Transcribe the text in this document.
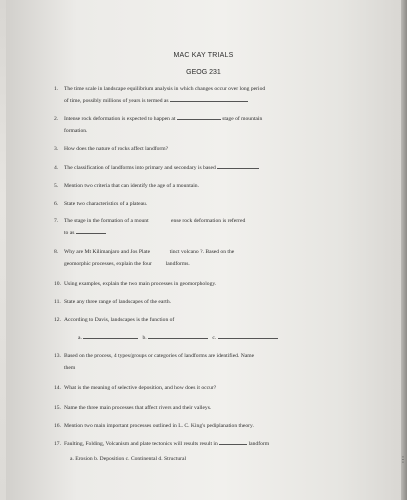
MAC KAY TRIALS
GEOG 231
1. The time scale in landscape equilibrium analysis in which changes occur over long period
of time, possibly millions of years is termed as
2. Intense rock deformation is expected to happen at	stage of mountain
formation.
3. How does the nature of rocks affect landform?
4. The classification of landforms into primary and secondary is based
5. Mention two criteria that can identify the age of a mountain.
6. State two characteristics of a plateau.
7. The stage in the formation of a mount	ense rock deformation is referred
to as
8. Why are Mt Kilimanjaro and Jos Plate	tinct volcano ?. Based on the
geomorphic processes, explain the four landforms.
10. Using examples, explain the two main processes in geomorphology.
11. State any three range of landscapes of the earth.
12. According to Davis, landscapes is the function of
a.	b.	c.
13. Based on the process, 4 types/groups or categories of landforms are identified. Name
them
14. What is the meaning of selective deposition, and how does it occur?
15. Name the three main processes that affect rivers and their valleys.
16. Mention two main important processes outlined in L. C. King's pediplanation theory.
17. Faulting, Folding, Volcanism and plate tectonics will results result in	landform
a. Erosion b. Deposition c. Continental d. Structural	⋮
